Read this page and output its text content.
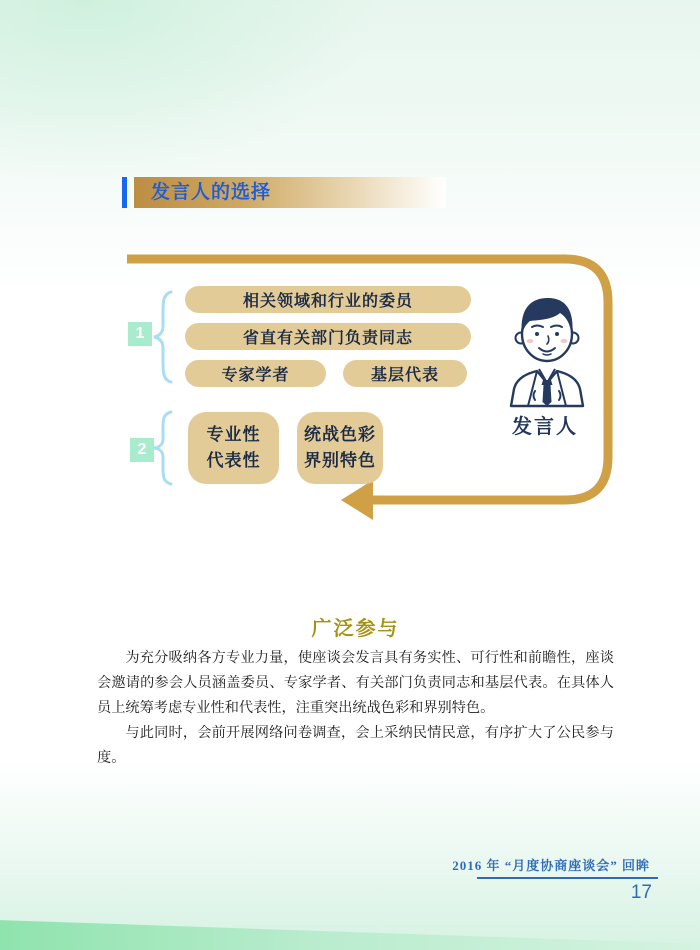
发言人的选择
1
相关领域和行业的委员
省直有关部门负责同志
专家学者	基层代表
2
专业性
代表性
统战色彩
界别特色
发言人
广泛参与

为充分吸纳各方专业力量，使座谈会发言具有务实性、可行性和前瞻性，座谈会邀请的参会人员涵盖委员、专家学者、有关部门负责同志和基层代表。在具体人员上统筹考虑专业性和代表性，注重突出统战色彩和界别特色。

与此同时，会前开展网络问卷调查，会上采纳民情民意，有序扩大了公民参与度。

2016 年 “月度协商座谈会” 回眸
17
